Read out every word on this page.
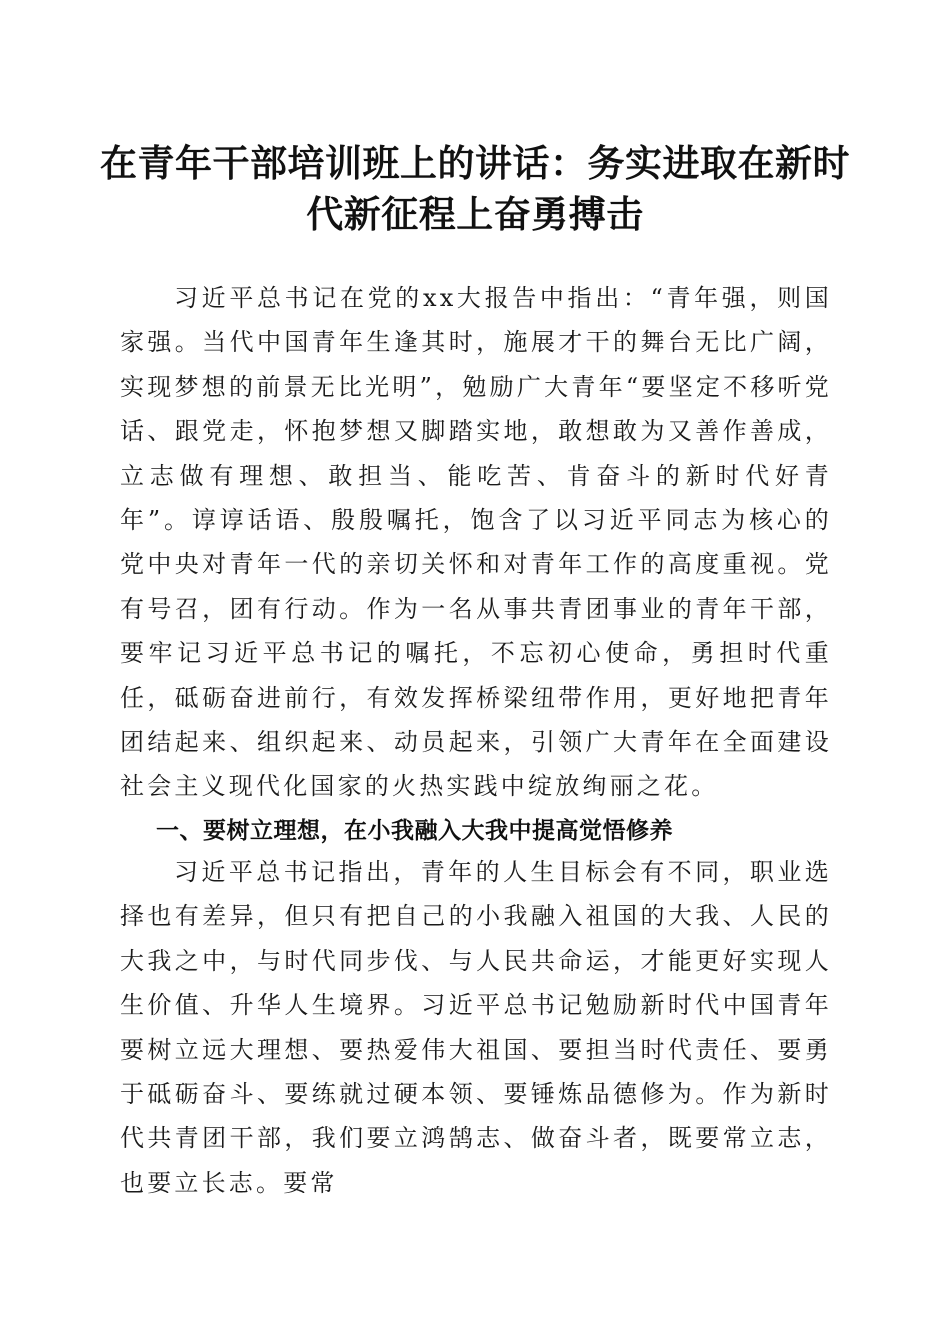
在青年干部培训班上的讲话：务实进取在新时代新征程上奋勇搏击
习近平总书记在党的xx大报告中指出：“青年强，则国家强。当代中国青年生逢其时，施展才干的舞台无比广阔，实现梦想的前景无比光明”，勉励广大青年“要坚定不移听党话、跟党走，怀抱梦想又脚踏实地，敢想敢为又善作善成，立志做有理想、敢担当、能吃苦、肯奋斗的新时代好青年”。谆谆话语、殷殷嘱托，饱含了以习近平同志为核心的党中央对青年一代的亲切关怀和对青年工作的高度重视。党有号召，团有行动。作为一名从事共青团事业的青年干部，要牢记习近平总书记的嘱托，不忘初心使命，勇担时代重任，砥砺奋进前行，有效发挥桥梁纽带作用，更好地把青年团结起来、组织起来、动员起来，引领广大青年在全面建设社会主义现代化国家的火热实践中绽放绚丽之花。
一、要树立理想，在小我融入大我中提高觉悟修养
习近平总书记指出，青年的人生目标会有不同，职业选择也有差异，但只有把自己的小我融入祖国的大我、人民的大我之中，与时代同步伐、与人民共命运，才能更好实现人生价值、升华人生境界。习近平总书记勉励新时代中国青年要树立远大理想、要热爱伟大祖国、要担当时代责任、要勇于砥砺奋斗、要练就过硬本领、要锤炼品德修为。作为新时代共青团干部，我们要立鸿鹄志、做奋斗者，既要常立志，也要立长志。要常
